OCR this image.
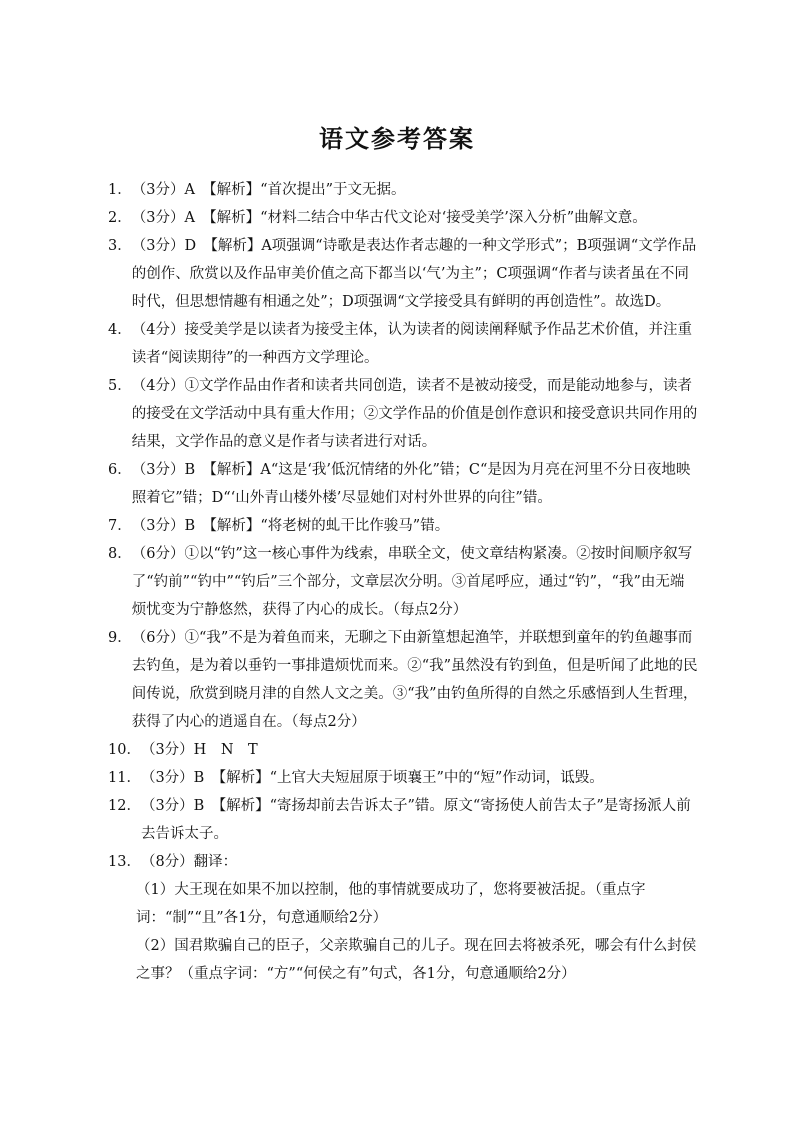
语文参考答案
1． （3分）A　【解析】“首次提出”于文无据。
2． （3分）A　【解析】“材料二结合中华古代文论对‘接受美学’深入分析”曲解文意。
3． （3分）D　【解析】A项强调“诗歌是表达作者志趣的一种文学形式”；B项强调“文学作品的创作、欣赏以及作品审美价值之高下都当以‘气’为主”；C项强调“作者与读者虽在不同时代，但思想情趣有相通之处”；D项强调“文学接受具有鲜明的再创造性”。故选D。
4． （4分）接受美学是以读者为接受主体，认为读者的阅读阐释赋予作品艺术价值，并注重读者“阅读期待”的一种西方文学理论。
5． （4分）①文学作品由作者和读者共同创造，读者不是被动接受，而是能动地参与，读者的接受在文学活动中具有重大作用；②文学作品的价值是创作意识和接受意识共同作用的结果，文学作品的意义是作者与读者进行对话。
6． （3分）B　【解析】A“这是‘我’低沉情绪的外化”错；C“是因为月亮在河里不分日夜地映照着它”错；D“‘山外青山楼外楼’尽显她们对村外世界的向往”错。
7． （3分）B　【解析】“将老树的虬干比作骏马”错。
8． （6分）①以“钓”这一核心事件为线索，串联全文，使文章结构紧凑。②按时间顺序叙写了“钓前”“钓中”“钓后”三个部分，文章层次分明。③首尾呼应，通过“钓”，“我”由无端烦忧变为宁静悠然，获得了内心的成长。（每点2分）
9． （6分）①“我”不是为着鱼而来，无聊之下由新篁想起渔竿，并联想到童年的钓鱼趣事而去钓鱼，是为着以垂钓一事排遣烦忧而来。②“我”虽然没有钓到鱼，但是听闻了此地的民间传说，欣赏到晓月津的自然人文之美。③“我”由钓鱼所得的自然之乐感悟到人生哲理，获得了内心的逍遥自在。（每点2分）
10． （3分）H　N　T
11． （3分）B　【解析】“上官大夫短屈原于顷襄王”中的“短”作动词，诋毁。
12． （3分）B　【解析】“寄扬却前去告诉太子”错。原文“寄扬使人前告太子”是寄扬派人前去告诉太子。
13． （8分）翻译：
（1）大王现在如果不加以控制，他的事情就要成功了，您将要被活捉。（重点字词：“制”“且”各1分，句意通顺给2分）
（2）国君欺骗自己的臣子，父亲欺骗自己的儿子。现在回去将被杀死，哪会有什么封侯之事？（重点字词：“方”“何侯之有”句式，各1分，句意通顺给2分）
